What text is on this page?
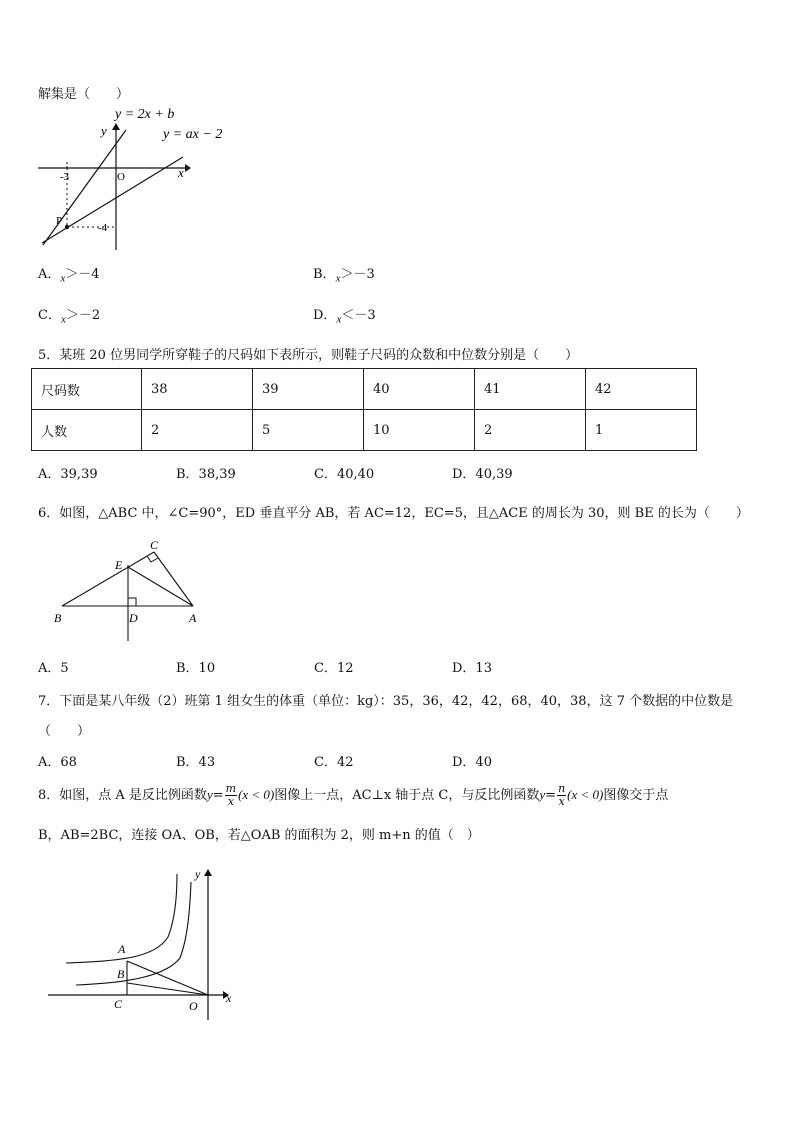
解集是（　　）
y = 2x + b
y = ax − 2
y
x
O
-3
-4
P
A．$_x$＞－4	B．$_x$＞－3
C．$_x$＞－2	D．$_x$＜－3
5．某班 20 位男同学所穿鞋子的尺码如下表所示，则鞋子尺码的众数和中位数分别是（　　）
尺码数	38	39	40	41	42
人数	2	5	10	2	1
A．39,39	B．38,39	C．40,40	D．40,39
6．如图，△ABC 中，∠C=90°，ED 垂直平分 AB，若 AC=12，EC=5，且△ACE 的周长为 30，则 BE 的长为（　　）
C
E
B	D	A
A．5	B．10	C．12	D．13
7．下面是某八年级（2）班第 1 组女生的体重（单位：kg）：35，36，42，42，68，40，38，这 7 个数据的中位数是
（　　）
A．68	B．43	C．42	D．40
8．如图，点 A 是反比例函数$y= \frac{m}{x} (x < 0)$图像上一点，AC⊥x 轴于点 C，与反比例函数$y= \frac{n}{x} (x < 0)$图像交于点
B，AB=2BC，连接 OA、OB，若△OAB 的面积为 2，则 m+n 的值（　）
y
x
A
B
C	O
